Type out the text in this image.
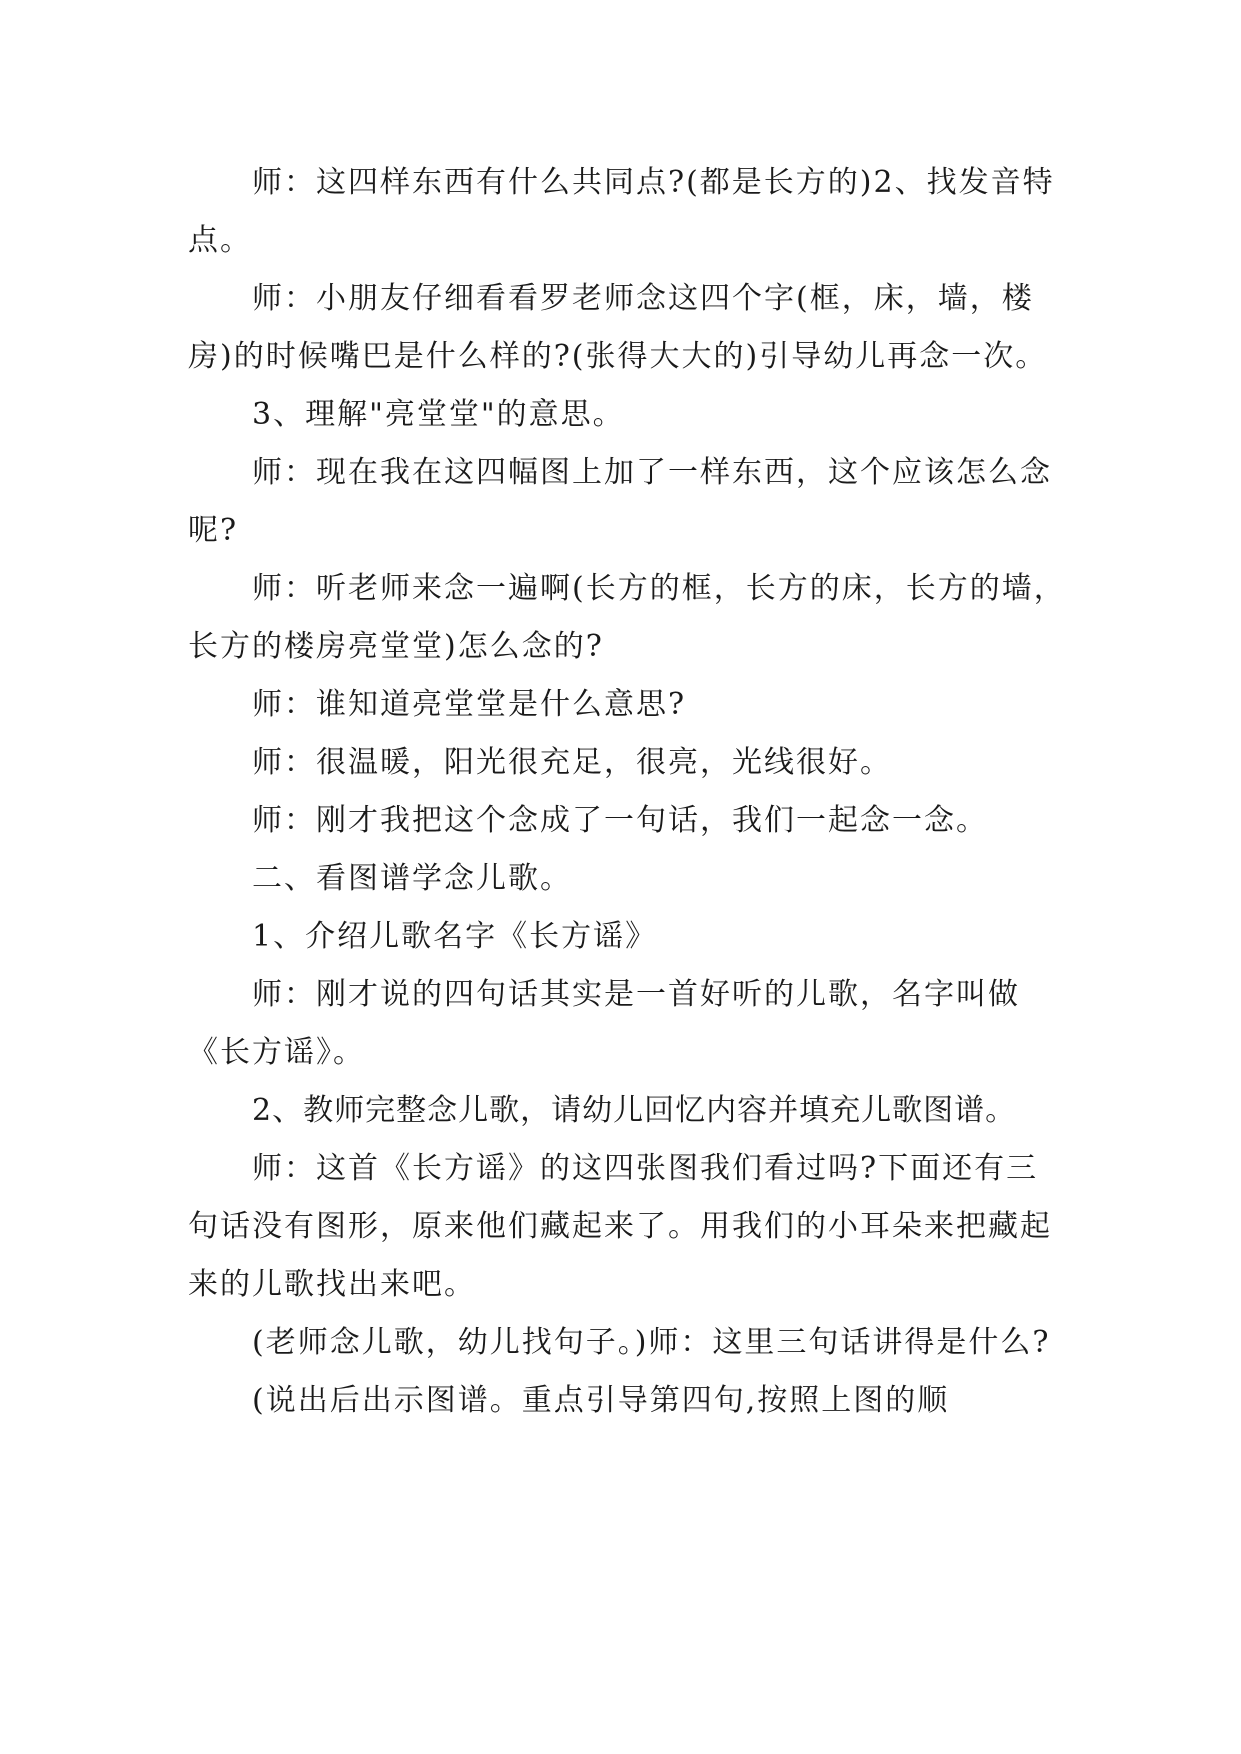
师：这四样东西有什么共同点?(都是长方的)2、找发音特点。

师：小朋友仔细看看罗老师念这四个字(框，床，墙，楼房)的时候嘴巴是什么样的?(张得大大的)引导幼儿再念一次。

3、理解"亮堂堂"的意思。

师：现在我在这四幅图上加了一样东西，这个应该怎么念呢?

师：听老师来念一遍啊(长方的框，长方的床，长方的墙，长方的楼房亮堂堂)怎么念的?

师：谁知道亮堂堂是什么意思?

师：很温暖，阳光很充足，很亮，光线很好。

师：刚才我把这个念成了一句话，我们一起念一念。

二、看图谱学念儿歌。

1、介绍儿歌名字《长方谣》

师：刚才说的四句话其实是一首好听的儿歌，名字叫做《长方谣》。

2、教师完整念儿歌，请幼儿回忆内容并填充儿歌图谱。

师：这首《长方谣》的这四张图我们看过吗?下面还有三句话没有图形，原来他们藏起来了。用我们的小耳朵来把藏起来的儿歌找出来吧。

(老师念儿歌，幼儿找句子。)师：这里三句话讲得是什么?

(说出后出示图谱。重点引导第四句,按照上图的顺
